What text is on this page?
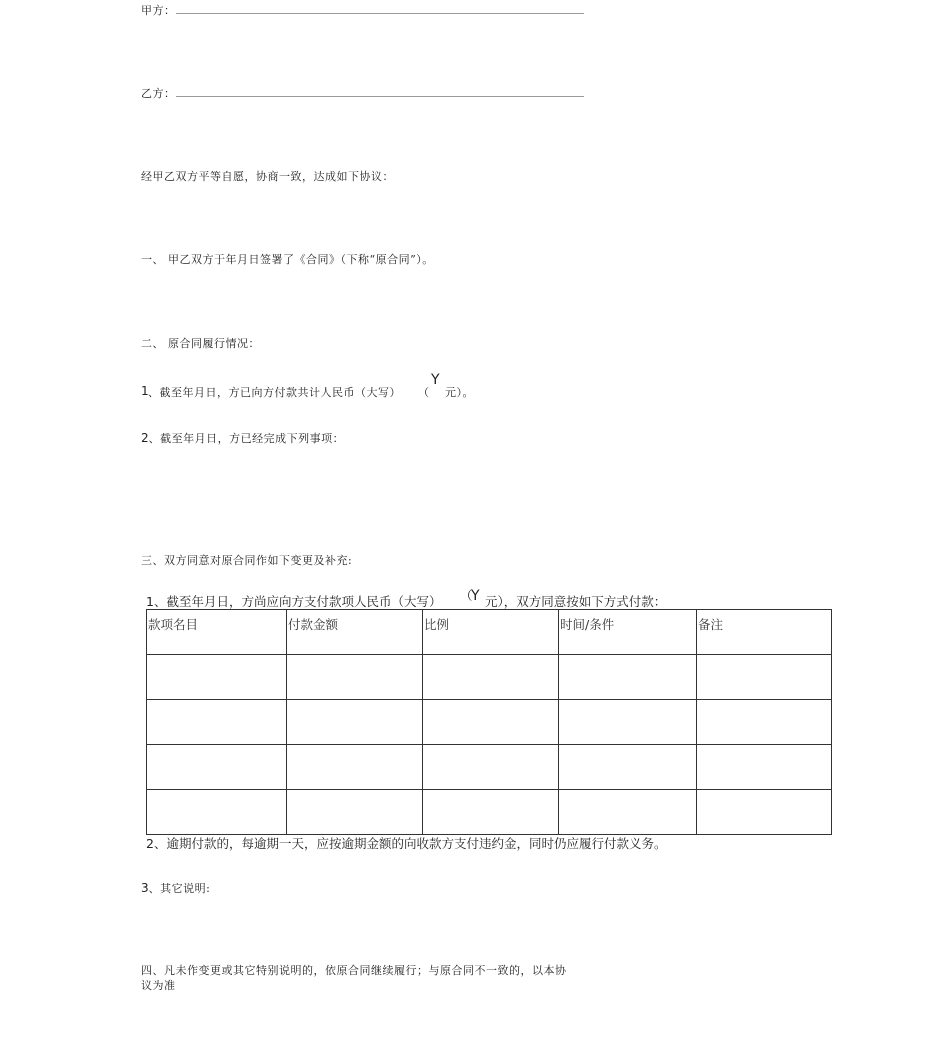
甲方：
乙方：
经甲乙双方平等自愿，协商一致，达成如下协议：
一、 甲乙双方于年月日签署了《合同》（下称“原合同”）。
二、 原合同履行情况：
1 、截至年月日，方已向方付款共计人民币（大写） （
Y
元）。
2、截至年月日，方已经完成下列事项：
三、双方同意对原合同作如下变更及补充:
1、截至年月日，方尚应向方支付款项人民币（大写） （
Y 元），双方同意按如下方式付款：
款项名目	付款金额	比例	时间/条件	备注

2、逾期付款的，每逾期一天，应按逾期金额的向收款方支付违约金，同时仍应履行付款义务。
3、其它说明:
四、凡未作变更或其它特别说明的，依原合同继续履行；与原合同不一致的，以本协
议为准
